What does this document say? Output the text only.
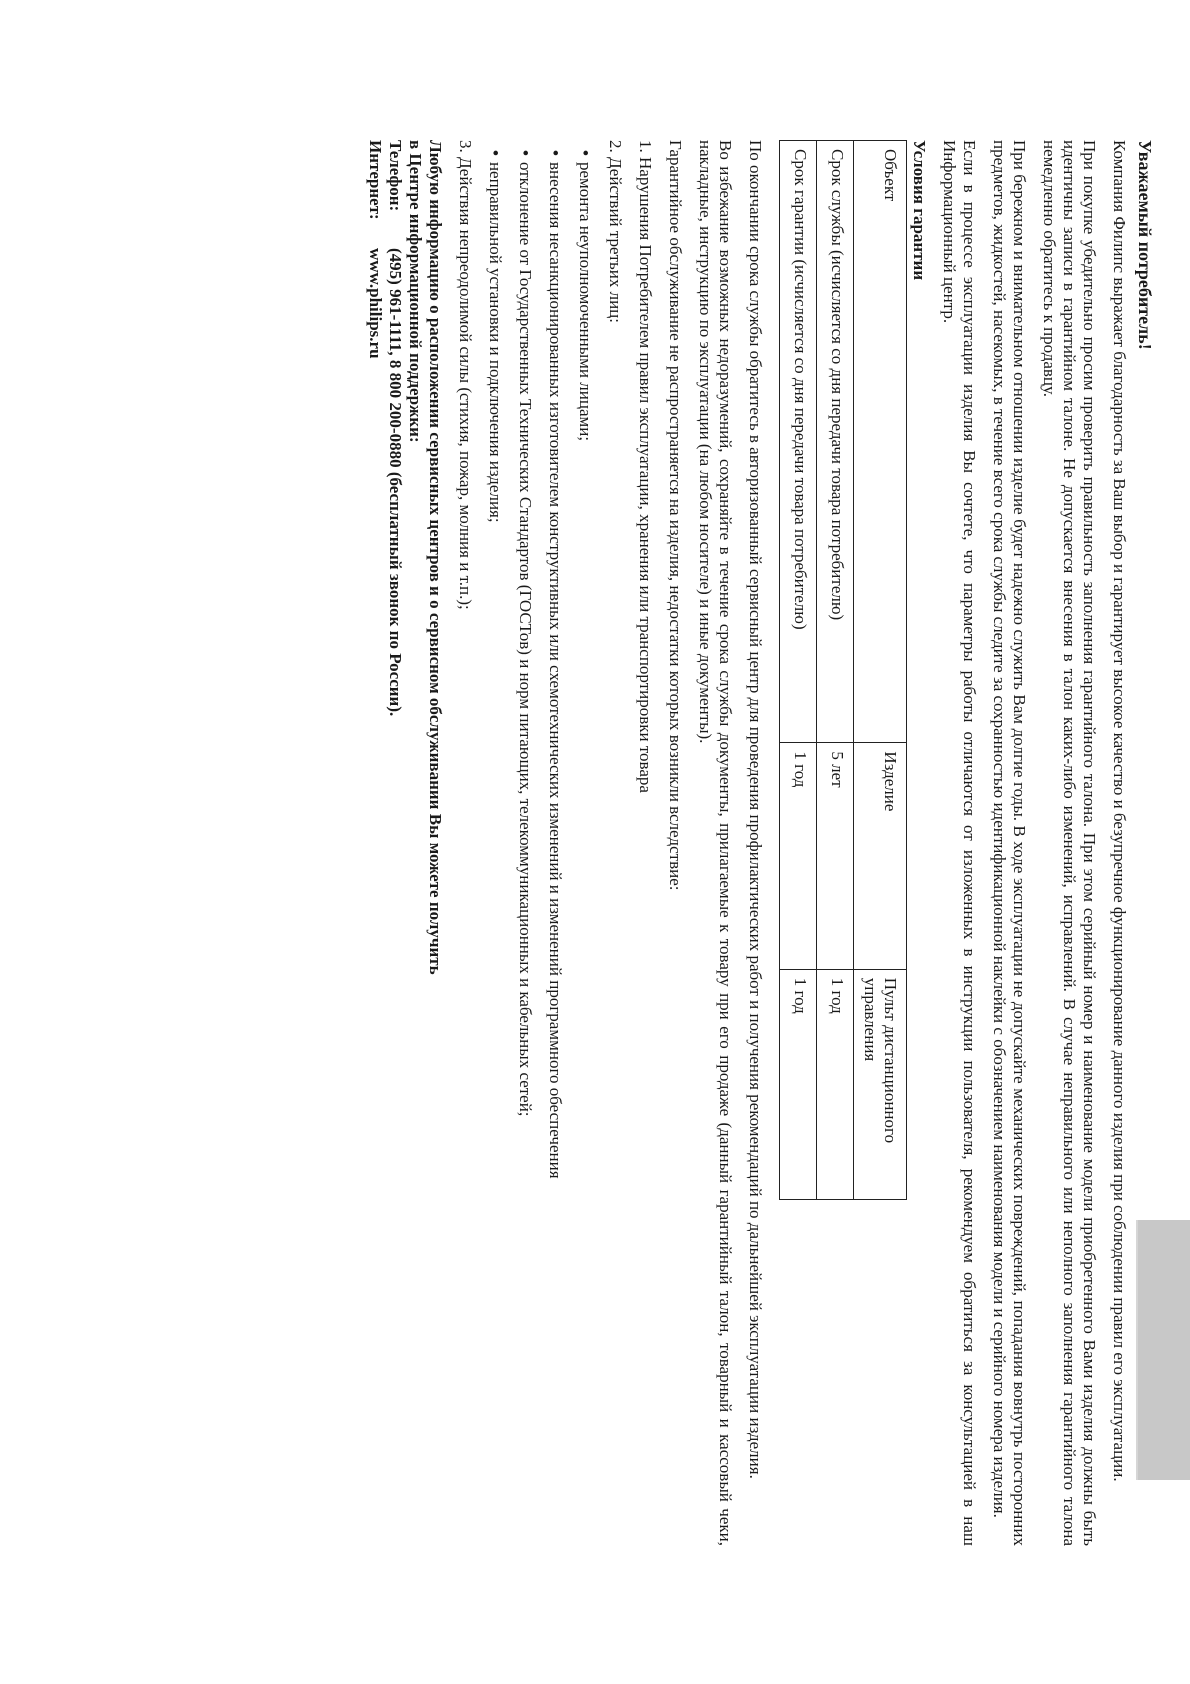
Уважаемый потребитель!

Компания Филипс выражает благодарность за Ваш выбор и гарантирует высокое качество и безупречное функционирование данного изделия при соблюдении правил его эксплуатации.

При покупке убедительно просим проверить правильность заполнения гарантийного талона. При этом серийный номер и наименование модели приобретенного Вами изделия должны быть идентичны записи в гарантийном талоне. Не допускается внесения в талон каких-либо изменений, исправлений. В случае неправильного или неполного заполнения гарантийного талона немедленно обратитесь к продавцу.

При бережном и внимательном отношении изделие будет надежно служить Вам долгие годы. В ходе эксплуатации не допускайте механических повреждений, попадания вовнутрь посторонних предметов, жидкостей, насекомых, в течение всего срока службы следите за сохранностью идентификационной наклейки с обозначением наименования модели и серийного номера изделия.

Если в процессе эксплуатации изделия Вы сочтете, что параметры работы отличаются от изложенных в инструкции пользователя, рекомендуем обратиться за консультацией в наш Информационный центр.

Условия гарантии
Объект	Изделие	Пульт дистанционного управления
Срок службы (исчисляется со дня передачи товара потребителю)	5 лет	1 год
Срок гарантии (исчисляется со дня передачи товара потребителю)	1 год	1 год

По окончании срока службы обратитесь в авторизованный сервисный центр для проведения профилактических работ и получения рекомендаций по дальнейшей эксплуатации изделия.

Во избежание возможных недоразумений, сохраняйте в течение срока службы документы, прилагаемые к товару при его продаже (данный гарантийный талон, товарный и кассовый чеки, накладные, инструкцию по эксплуатации (на любом носителе) и иные документы).

Гарантийное обслуживание не распространяется на изделия, недостатки которых возникли вследствие:

1. Нарушения Потребителем правил эксплуатации, хранения или транспортировки товара
2. Действий третьих лиц:
•ремонта неуполномоченными лицами;
•внесения несанкционированных изготовителем конструктивных или схемотехнических изменений и изменений программного обеспечения
•отклонение от Государственных Технических Стандартов (ГОСТов) и норм питающих, телекоммуникационных и кабельных сетей;
•неправильной установки и подключения изделия;
3. Действия непреодолимой силы (стихия, пожар, молния и т.п.);
Любую информацию о расположении сервисных центров и о сервисном обслуживании Вы можете получить
в Центре информационной поддержки:
Телефон:
(495) 961-1111, 8 800 200-0880 (бесплатный звонок по России).
Интернет:
www.philips.ru
